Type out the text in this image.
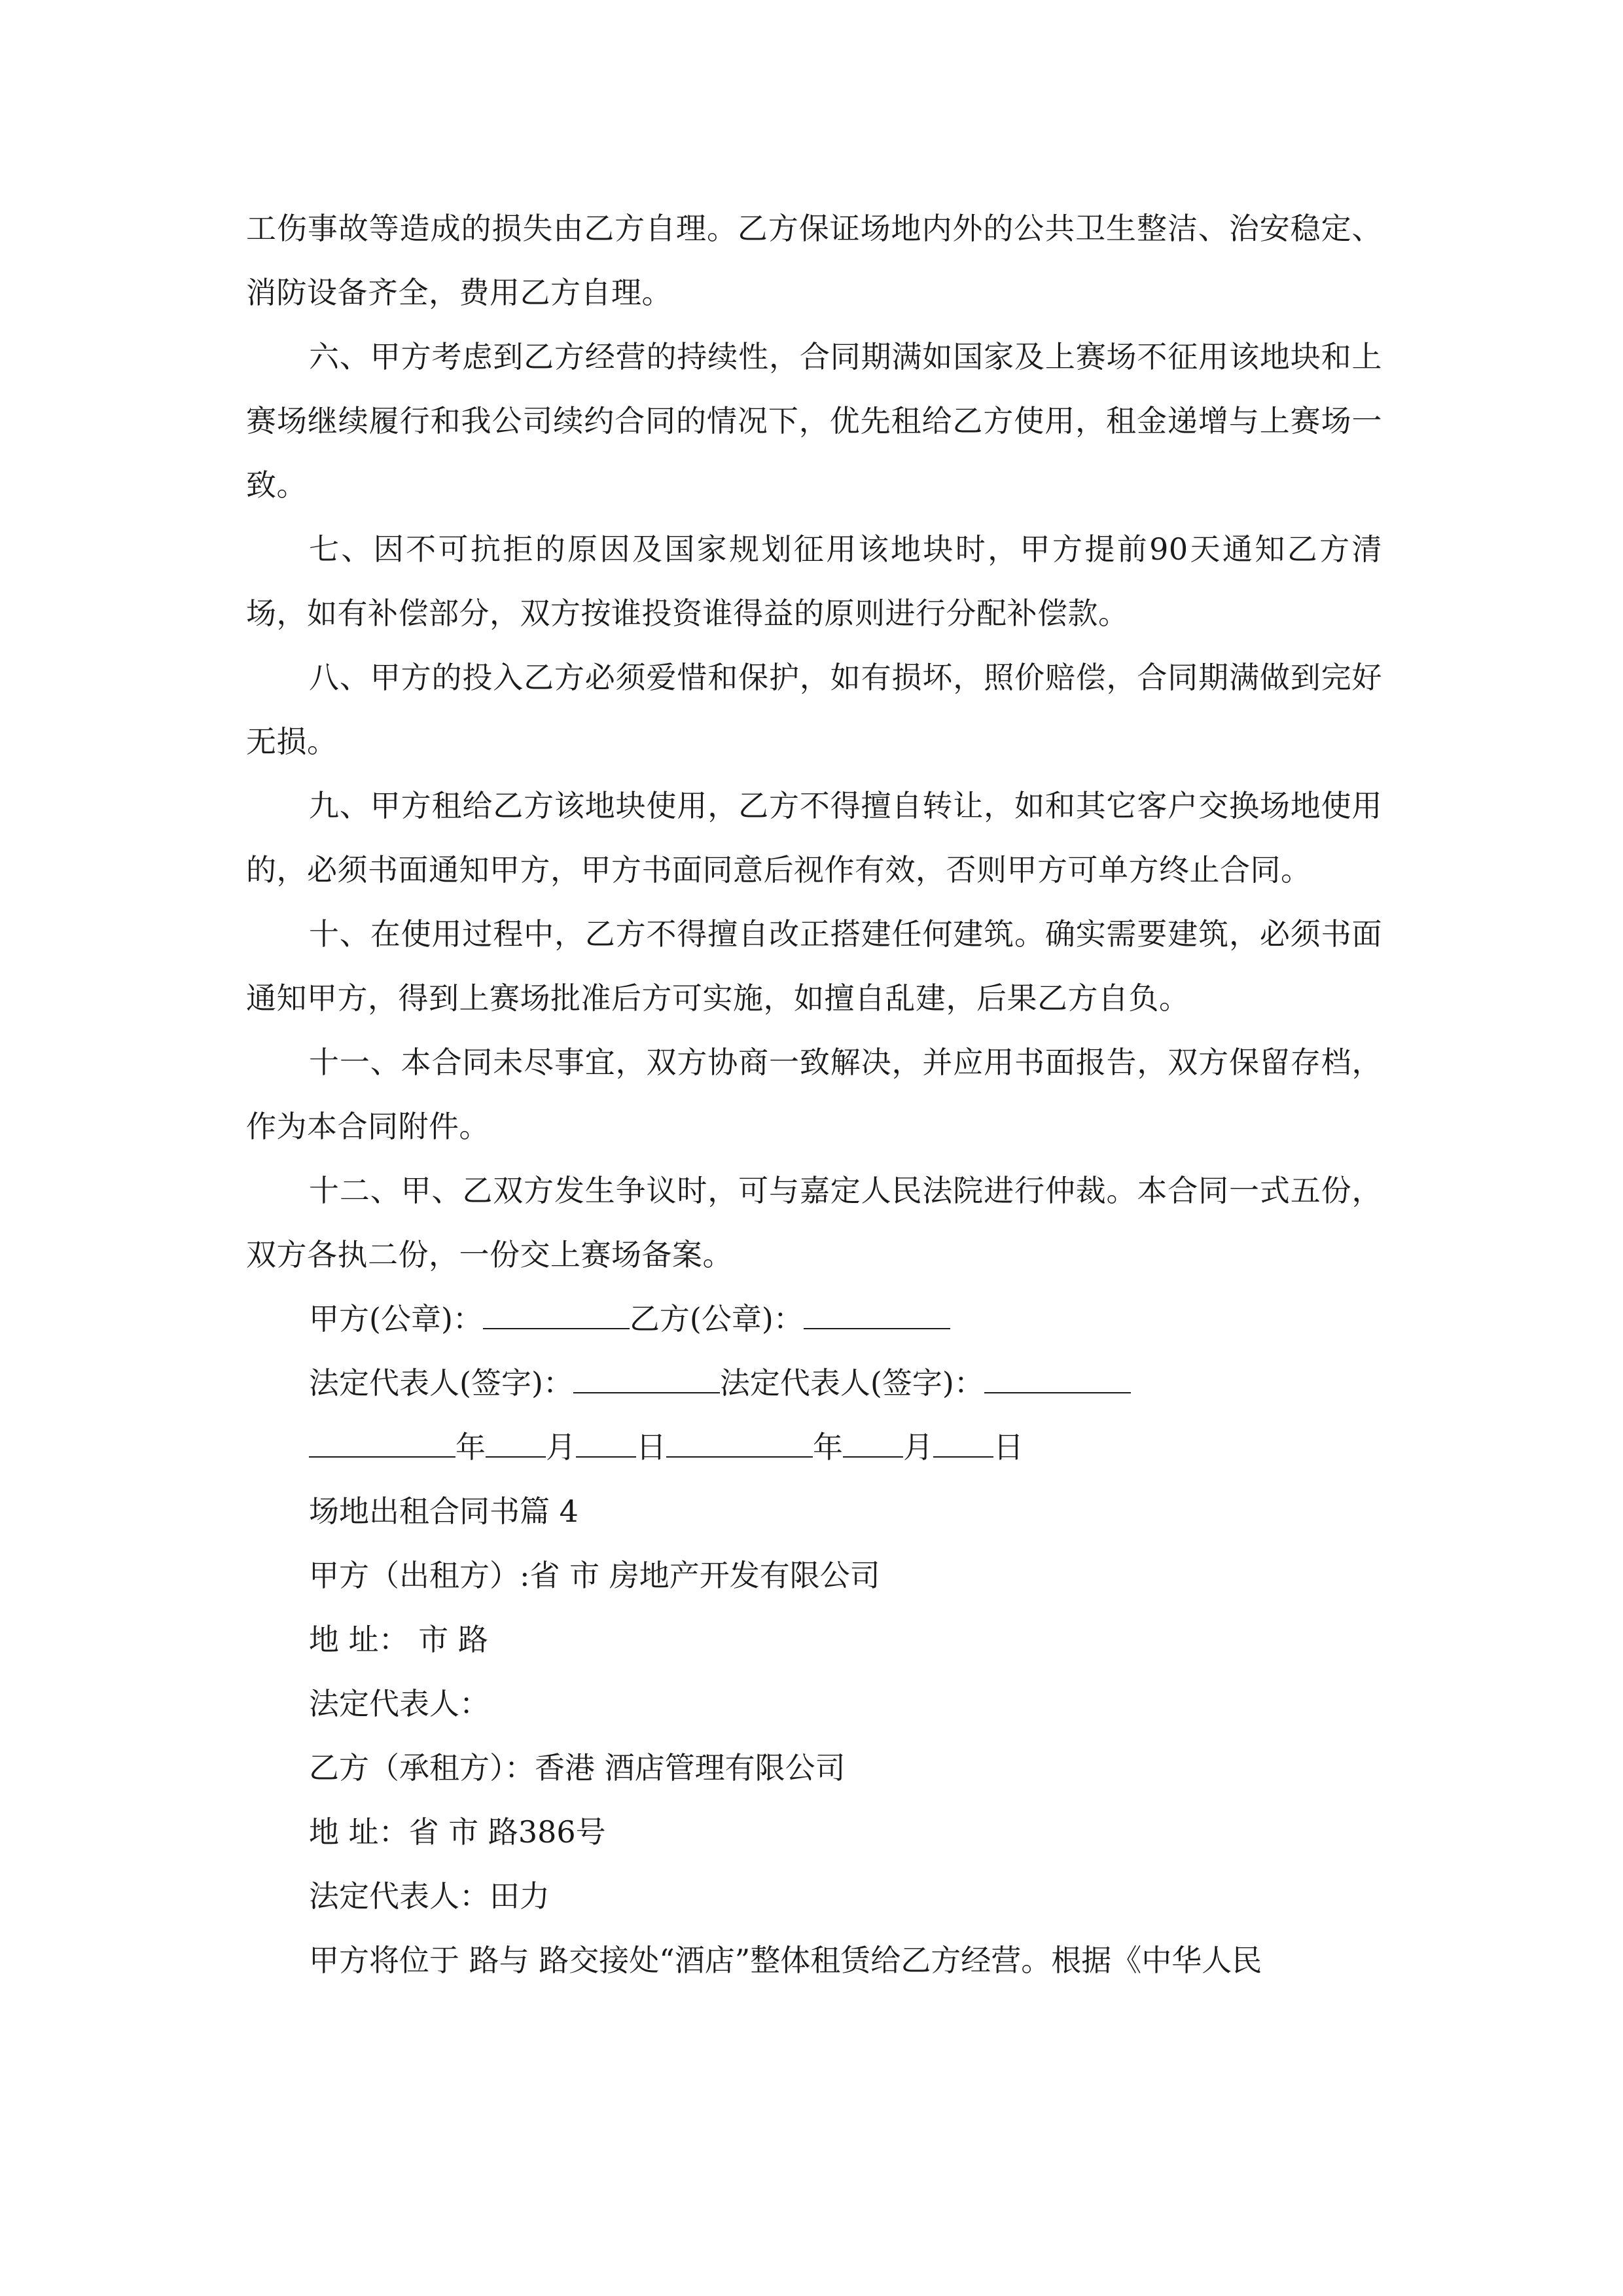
工伤事故等造成的损失由乙方自理。乙方保证场地内外的公共卫生整洁、治安稳定、消防设备齐全，费用乙方自理。

六、甲方考虑到乙方经营的持续性，合同期满如国家及上赛场不征用该地块和上赛场继续履行和我公司续约合同的情况下，优先租给乙方使用，租金递增与上赛场一致。

七、因不可抗拒的原因及国家规划征用该地块时，甲方提前90天通知乙方清场，如有补偿部分，双方按谁投资谁得益的原则进行分配补偿款。

八、甲方的投入乙方必须爱惜和保护，如有损坏，照价赔偿，合同期满做到完好无损。

九、甲方租给乙方该地块使用，乙方不得擅自转让，如和其它客户交换场地使用的，必须书面通知甲方，甲方书面同意后视作有效，否则甲方可单方终止合同。

十、在使用过程中，乙方不得擅自改正搭建任何建筑。确实需要建筑，必须书面通知甲方，得到上赛场批准后方可实施，如擅自乱建，后果乙方自负。

十一、本合同未尽事宜，双方协商一致解决，并应用书面报告，双方保留存档，作为本合同附件。

十二、甲、乙双方发生争议时，可与嘉定人民法院进行仲裁。本合同一式五份，双方各执二份，一份交上赛场备案。

甲方(公章)：	乙方(公章)：
法定代表人(签字)：	法定代表人(签字)：
年 月 日	年 月 日
场地出租合同书篇 4
甲方（出租方）:省 市 房地产开发有限公司
地 址： 市 路
法定代表人：
乙方（承租方）：香港 酒店管理有限公司
地 址：省 市 路386号
法定代表人：田力
甲方将位于 路与 路交接处“酒店”整体租赁给乙方经营。根据《中华人民
